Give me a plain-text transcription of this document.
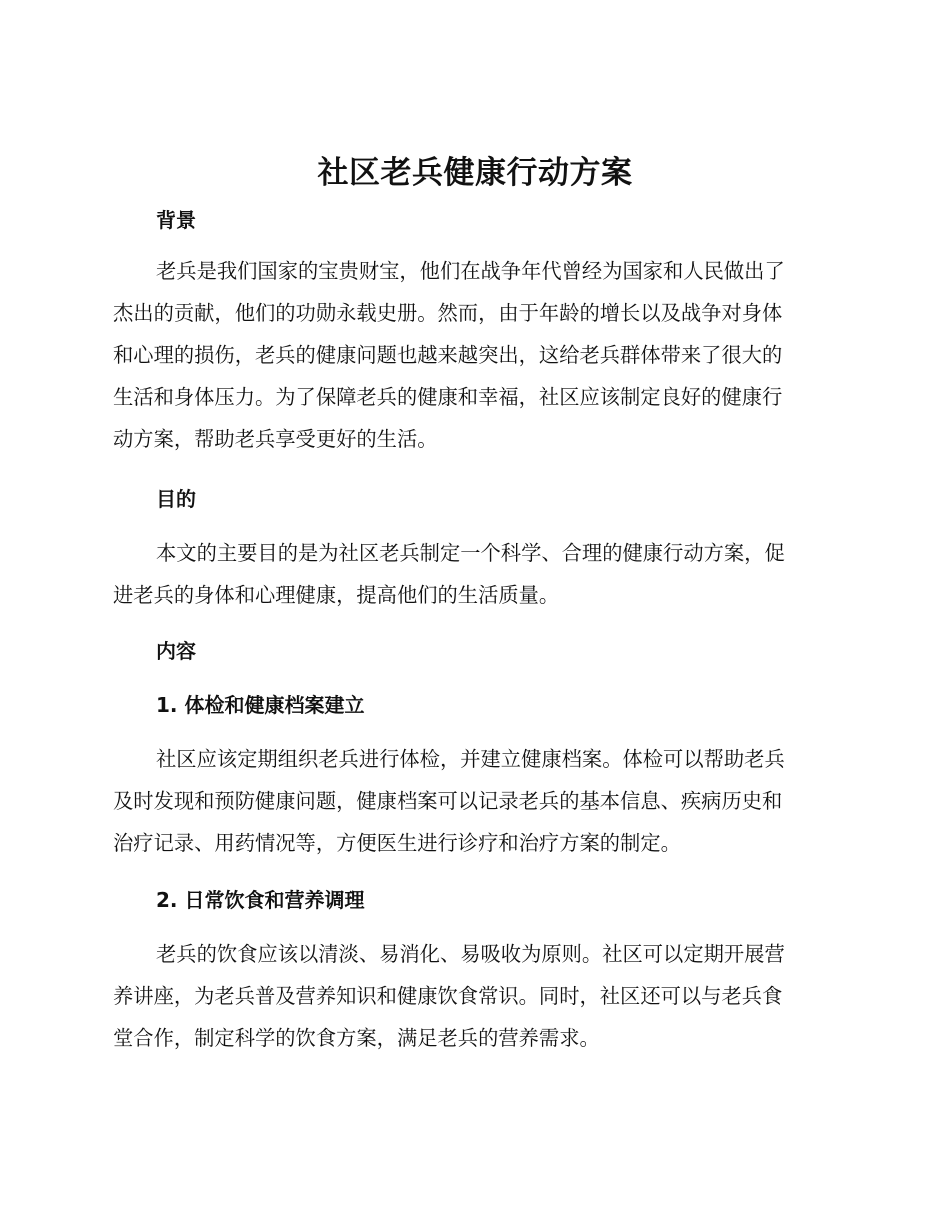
社区老兵健康行动方案
背景
老兵是我们国家的宝贵财宝，他们在战争年代曾经为国家和人民做出了
杰出的贡献，他们的功勋永载史册。然而，由于年龄的增长以及战争对身体
和心理的损伤，老兵的健康问题也越来越突出，这给老兵群体带来了很大的
生活和身体压力。为了保障老兵的健康和幸福，社区应该制定良好的健康行
动方案，帮助老兵享受更好的生活。
目的
本文的主要目的是为社区老兵制定一个科学、合理的健康行动方案，促
进老兵的身体和心理健康，提高他们的生活质量。
内容
1. 体检和健康档案建立
社区应该定期组织老兵进行体检，并建立健康档案。体检可以帮助老兵
及时发现和预防健康问题，健康档案可以记录老兵的基本信息、疾病历史和
治疗记录、用药情况等，方便医生进行诊疗和治疗方案的制定。
2. 日常饮食和营养调理
老兵的饮食应该以清淡、易消化、易吸收为原则。社区可以定期开展营
养讲座，为老兵普及营养知识和健康饮食常识。同时，社区还可以与老兵食
堂合作，制定科学的饮食方案，满足老兵的营养需求。
